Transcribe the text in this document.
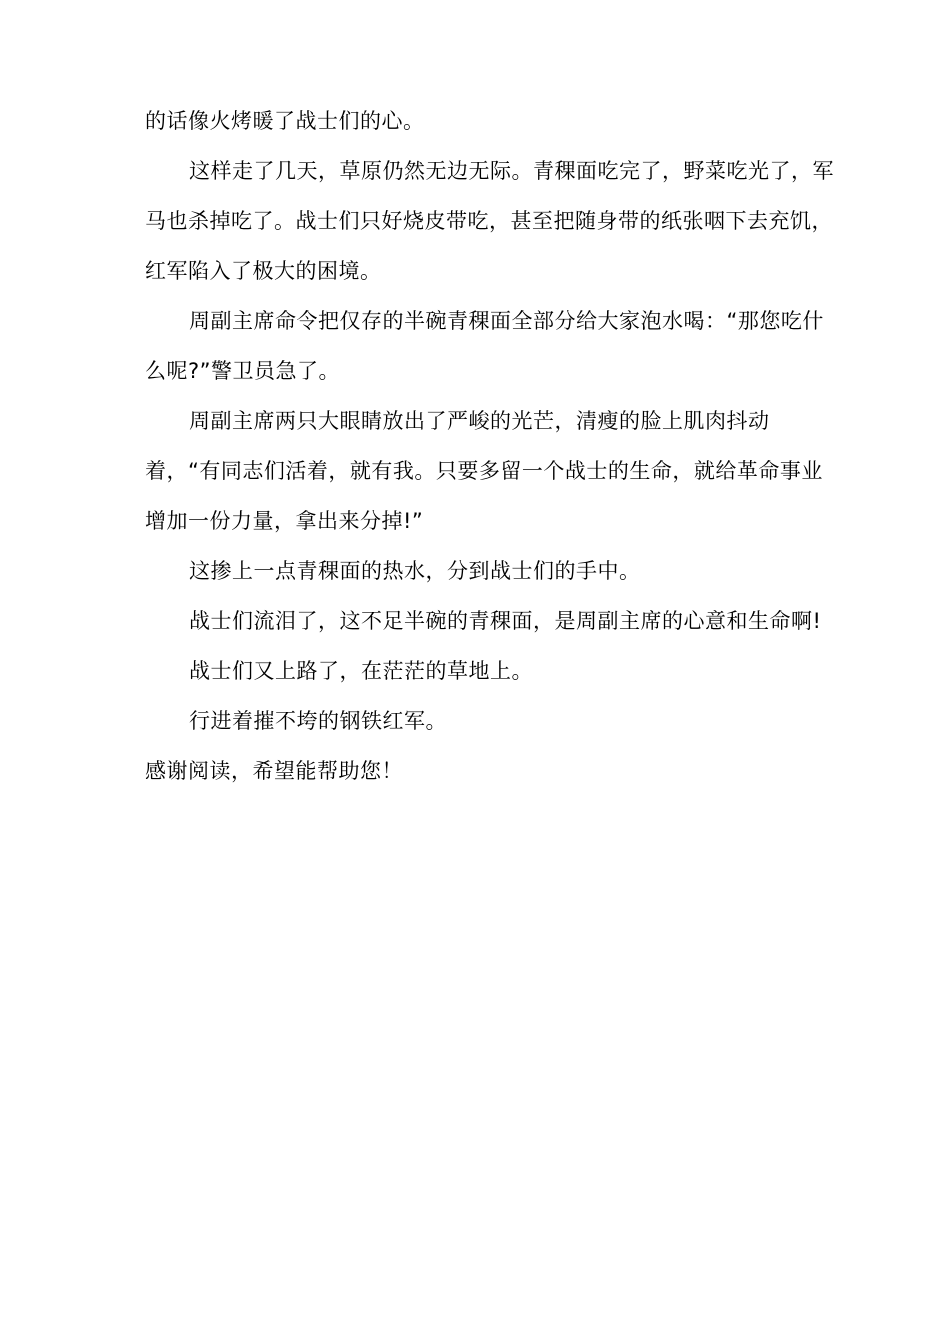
的话像火烤暖了战士们的心。

这样走了几天，草原仍然无边无际。青稞面吃完了，野菜吃光了，军马也杀掉吃了。战士们只好烧皮带吃，甚至把随身带的纸张咽下去充饥，红军陷入了极大的困境。

周副主席命令把仅存的半碗青稞面全部分给大家泡水喝：“那您吃什么呢?”警卫员急了。

周副主席两只大眼睛放出了严峻的光芒，清瘦的脸上肌肉抖动着，“有同志们活着，就有我。只要多留一个战士的生命，就给革命事业增加一份力量，拿出来分掉!”

这掺上一点青稞面的热水，分到战士们的手中。

战士们流泪了，这不足半碗的青稞面，是周副主席的心意和生命啊!

战士们又上路了，在茫茫的草地上。

行进着摧不垮的钢铁红军。

感谢阅读，希望能帮助您！
